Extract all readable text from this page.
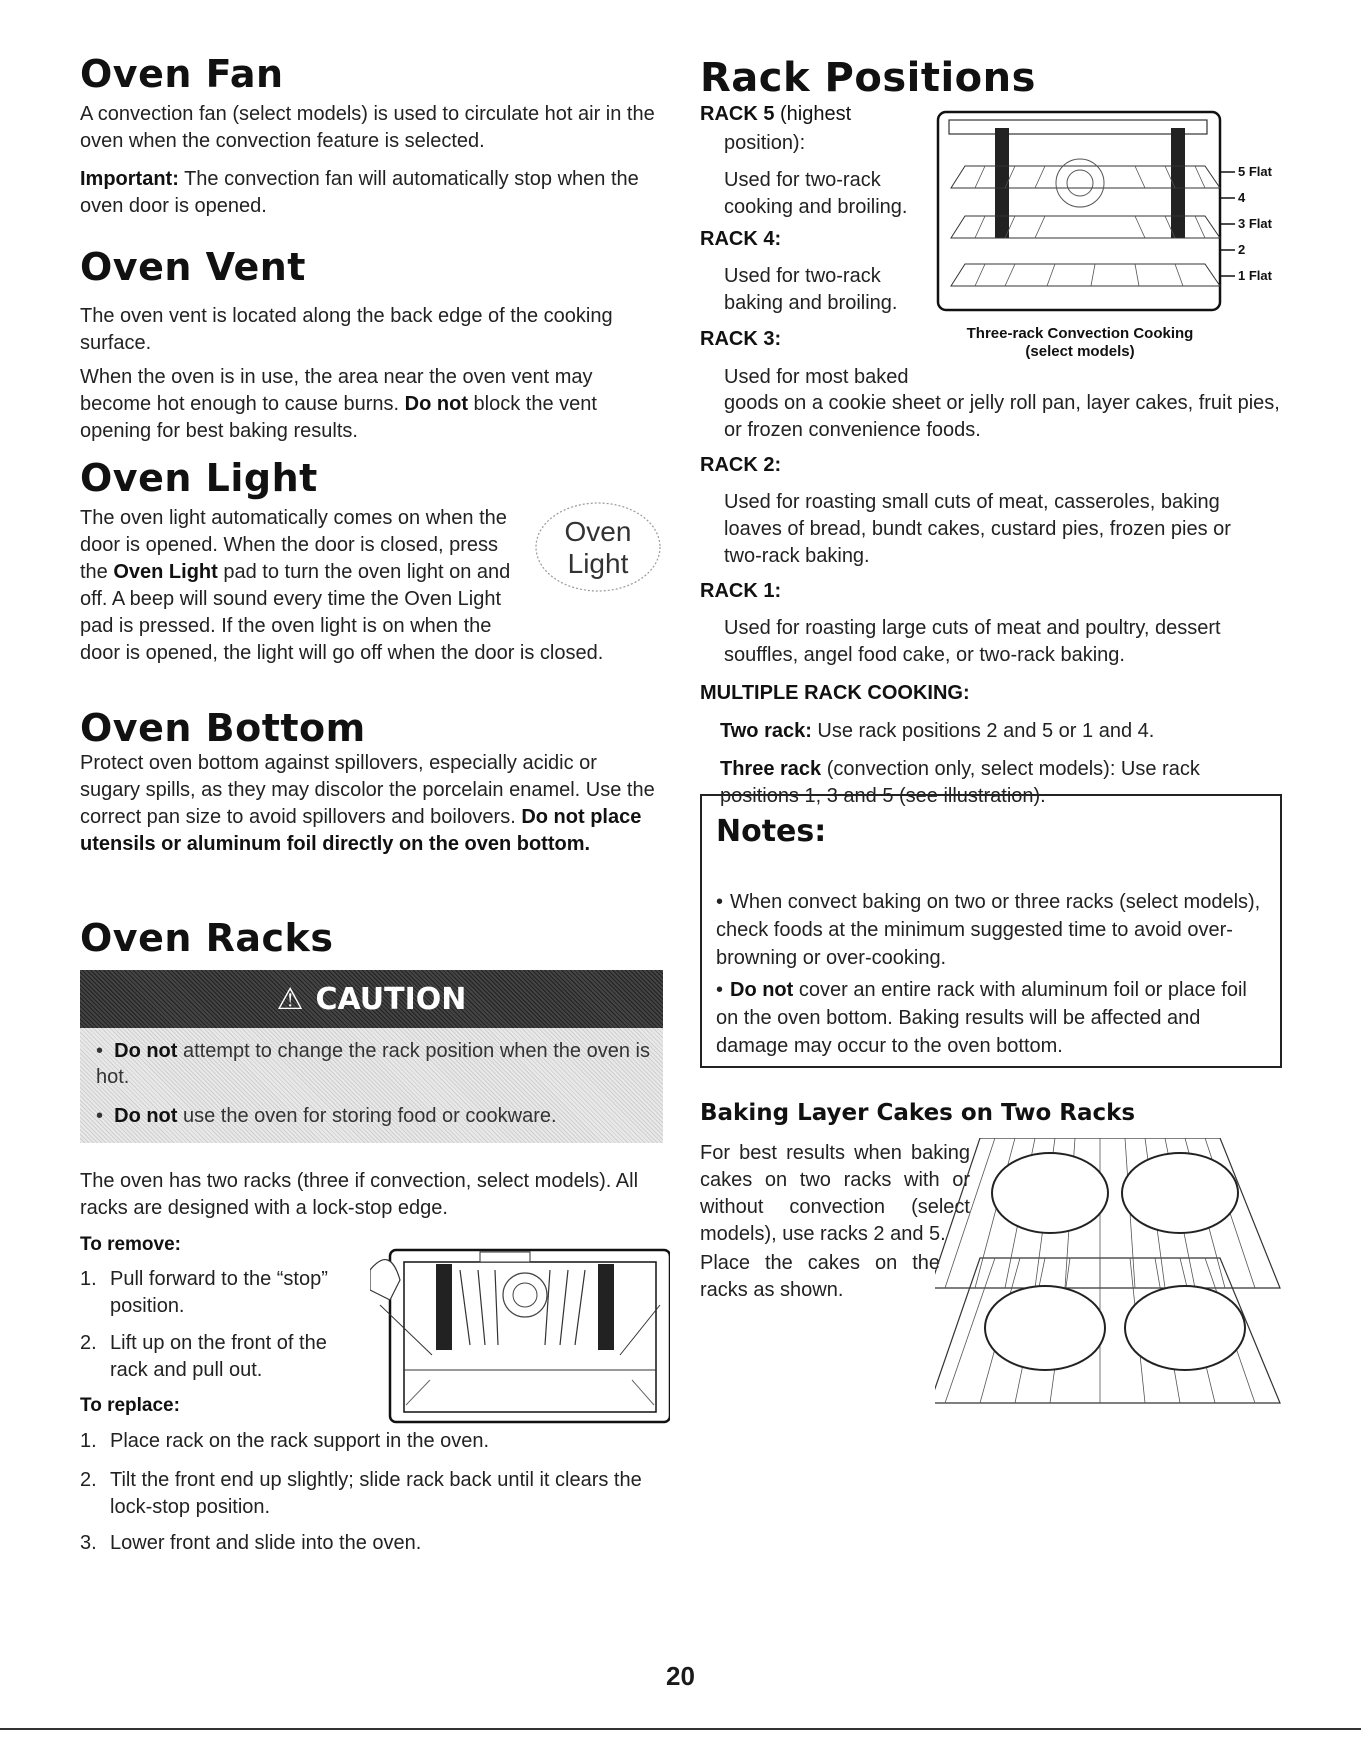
Oven Fan

A convection fan (select models) is used to circulate hot air in the oven when the convection feature is selected.

Important: The convection fan will automatically stop when the oven door is opened.

Oven Vent

The oven vent is located along the back edge of the cooking surface.

When the oven is in use, the area near the oven vent may become hot enough to cause burns. Do not block the vent opening for best baking results.

Oven Light

The oven light automatically comes on when the door is opened. When the door is closed, press the Oven Light pad to turn the oven light on and off. A beep will sound every time the Oven Light pad is pressed. If the oven light is on when the door is opened, the light will go off when the door is closed.

Oven
Light
Oven Bottom

Protect oven bottom against spillovers, especially acidic or sugary spills, as they may discolor the porcelain enamel. Use the correct pan size to avoid spillovers and boilovers. Do not place utensils or aluminum foil directly on the oven bottom.

Oven Racks
⚠ CAUTION
•  Do not attempt to change the rack position when the oven is hot.
•  Do not use the oven for storing food or cookware.

The oven has two racks (three if convection, select models). All racks are designed with a lock-stop edge.

To remove:

1. Pull forward to the “stop” position.
2. Lift up on the front of the rack and pull out.

To replace:

1. Place rack on the rack support in the oven.
2. Tilt the front end up slightly; slide rack back until it clears the lock-stop position.
3. Lower front and slide into the oven.
Rack Positions

RACK 5 (highest

position):

Used for two-rack cooking and broiling.

RACK 4:

Used for two-rack baking and broiling.

RACK 3:

Used for most baked

goods on a cookie sheet or jelly roll pan, layer cakes, fruit pies, or frozen convenience foods.

RACK 2:

Used for roasting small cuts of meat, casseroles, baking loaves of bread, bundt cakes, custard pies, frozen pies or two-rack baking.

RACK 1:

Used for roasting large cuts of meat and poultry, dessert souffles, angel food cake, or two-rack baking.

5 Flat
4
3 Flat
2
1 Flat
Three-rack Convection Cooking
(select models)

MULTIPLE RACK COOKING:

Two rack: Use rack positions 2 and 5 or 1 and 4.

Three rack (convection only, select models): Use rack positions 1, 3 and 5 (see illustration).

Notes:
• When convect baking on two or three racks (select models), check foods at the minimum suggested time to avoid over-browning or over-cooking.
• Do not cover an entire rack with aluminum foil or place foil on the oven bottom. Baking results will be affected and damage may occur to the oven bottom.

Baking Layer Cakes on Two Racks

For best results when baking cakes on two racks with or without convection (select models), use racks 2 and 5.

Place the cakes on the racks as shown.

20
